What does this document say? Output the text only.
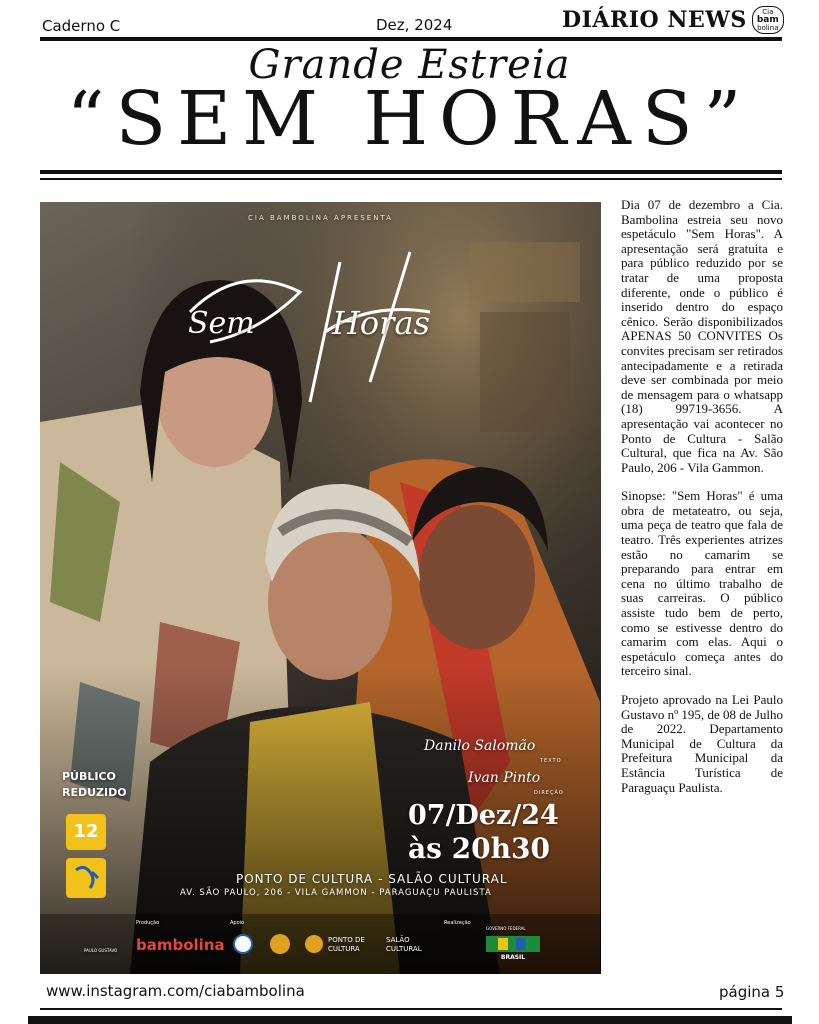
Caderno C	Dez, 2024	DIÁRIO NEWS Cia
bam
bolina
Grande Estreia
“SEM HORAS”
CIA BAMBOLINA APRESENTA
Sem Horas
Danilo Salomão
TEXTO
Ivan Pinto
DIREÇÃO
PÚBLICO
REDUZIDO
12
07/Dez/24
às 20h30
PONTO DE CULTURA - SALÃO CULTURAL
AV. SÃO PAULO, 206 - VILA GAMMON - PARAGUAÇU PAULISTA
Produção	Apoio	Realização
PAULO GUSTAVO bambolina	PONTO DE
CULTURA
SALÃO
CULTURAL
GOVERNO FEDERAL
BRASIL

Dia 07 de dezembro a Cia. Bambolina estreia seu novo espetáculo "Sem Horas". A apresentação será gratuita e para público reduzido por se tratar de uma proposta diferente, onde o público é inserido dentro do espaço cênico. Serão disponibilizados APENAS 50 CONVITES Os convites precisam ser retirados antecipadamente e a retirada deve ser combinada por meio de mensagem para o whatsapp (18) 99719-3656. A apresentação vai acontecer no Ponto de Cultura - Salão Cultural, que fica na Av. São Paulo, 206 - Vila Gammon.

Sinopse: "Sem Horas" é uma obra de metateatro, ou seja, uma peça de teatro que fala de teatro. Três experientes atrizes estão no camarim se preparando para entrar em cena no último trabalho de suas carreiras. O público assiste tudo bem de perto, como se estivesse dentro do camarim com elas. Aqui o espetáculo começa antes do terceiro sinal.

Projeto aprovado na Lei Paulo Gustavo nº 195, de 08 de Julho de 2022. Departamento Municipal de Cultura da Prefeitura Municipal da Estância Turística de Paraguaçu Paulista.

www.instagram.com/ciabambolina	página 5
